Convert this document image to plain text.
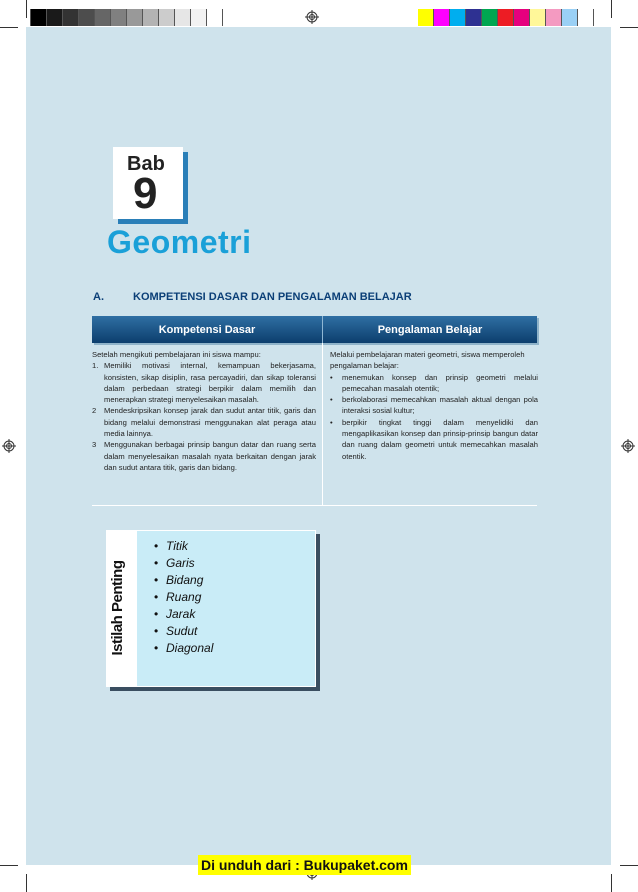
Bab
9
Geometri
A.	KOMPETENSI DASAR DAN PENGALAMAN BELAJAR
Kompetensi Dasar	Pengalaman Belajar

Setelah mengikuti pembelajaran ini siswa mampu:

1. Memiliki motivasi internal, kemampuan bekerjasama, konsisten, sikap disiplin, rasa percayadiri, dan sikap toleransi dalam perbedaan strategi berpikir dalam memilih dan menerapkan strategi menyelesaikan masalah.
2	Mendeskripsikan konsep jarak dan sudut antar titik, garis dan bidang melalui demonstrasi menggunakan alat peraga atau media lainnya.
3	Menggunakan berbagai prinsip bangun datar dan ruang serta dalam menyelesaikan masalah nyata berkaitan dengan jarak dan sudut antara titik, garis dan bidang.

Melalui pembelajaran materi geometri, siswa memperoleh pengalaman belajar:

•	menemukan konsep dan prinsip geometri melalui pemecahan masalah otentik;
•	berkolaborasi memecahkan masalah aktual dengan pola interaksi sosial kultur;
•	berpikir tingkat tinggi dalam menyelidiki dan mengaplikasikan konsep dan prinsip-prinsip bangun datar dan ruang dalam geometri untuk memecahkan masalah otentik.
Istilah Penting
• Titik
• Garis
• Bidang
• Ruang
• Jarak
• Sudut
• Diagonal
Di unduh dari : Bukupaket.com
